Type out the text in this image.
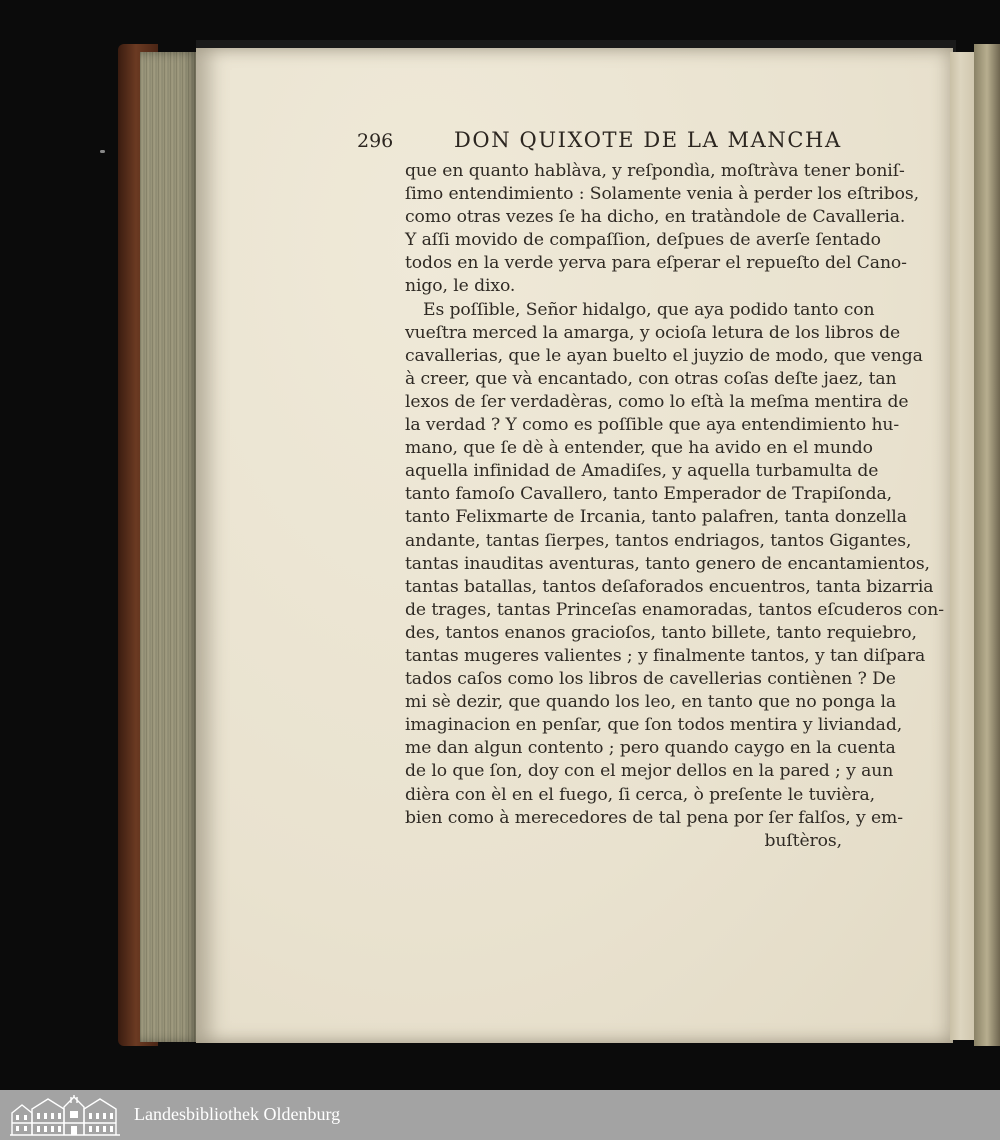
296	DON QUIXOTE DE LA MANCHA
que en quanto hablàva, y reſpondìa, moſtràva tener boniſ-
ſimo entendimiento : Solamente venia à perder los eſtribos,
como otras vezes ſe ha dicho, en tratàndole de Cavalleria.
Y aſſi movido de compaſſion, deſpues de averſe ſentado
todos en la verde yerva para eſperar el repueſto del Cano-
nigo, le dixo.
Es poſſible, Señor hidalgo, que aya podido tanto con
vueſtra merced la amarga, y ocioſa letura de los libros de
cavallerias, que le ayan buelto el juyzio de modo, que venga
à creer, que và encantado, con otras coſas deſte jaez, tan
lexos de ſer verdadèras, como lo eſtà la meſma mentira de
la verdad ? Y como es poſſible que aya entendimiento hu-
mano, que ſe dè à entender, que ha avido en el mundo
aquella infinidad de Amadiſes, y aquella turbamulta de
tanto famoſo Cavallero, tanto Emperador de Trapiſonda,
tanto Felixmarte de Ircania, tanto palafren, tanta donzella
andante, tantas ſierpes, tantos endriagos, tantos Gigantes,
tantas inauditas aventuras, tanto genero de encantamientos,
tantas batallas, tantos deſaforados encuentros, tanta bizarria
de trages, tantas Princeſas enamoradas, tantos eſcuderos con-
des, tantos enanos gracioſos, tanto billete, tanto requiebro,
tantas mugeres valientes ; y finalmente tantos, y tan diſpara
tados caſos como los libros de cavellerias contiènen ? De
mi sè dezir, que quando los leo, en tanto que no ponga la
imaginacion en penſar, que ſon todos mentira y liviandad,
me dan algun contento ; pero quando caygo en la cuenta
de lo que ſon, doy con el mejor dellos en la pared ; y aun
dièra con èl en el fuego, ſi cerca, ò preſente le tuvièra,
bien como à merecedores de tal pena por ſer falſos, y em-
buſtèros,
Landesbibliothek Oldenburg
